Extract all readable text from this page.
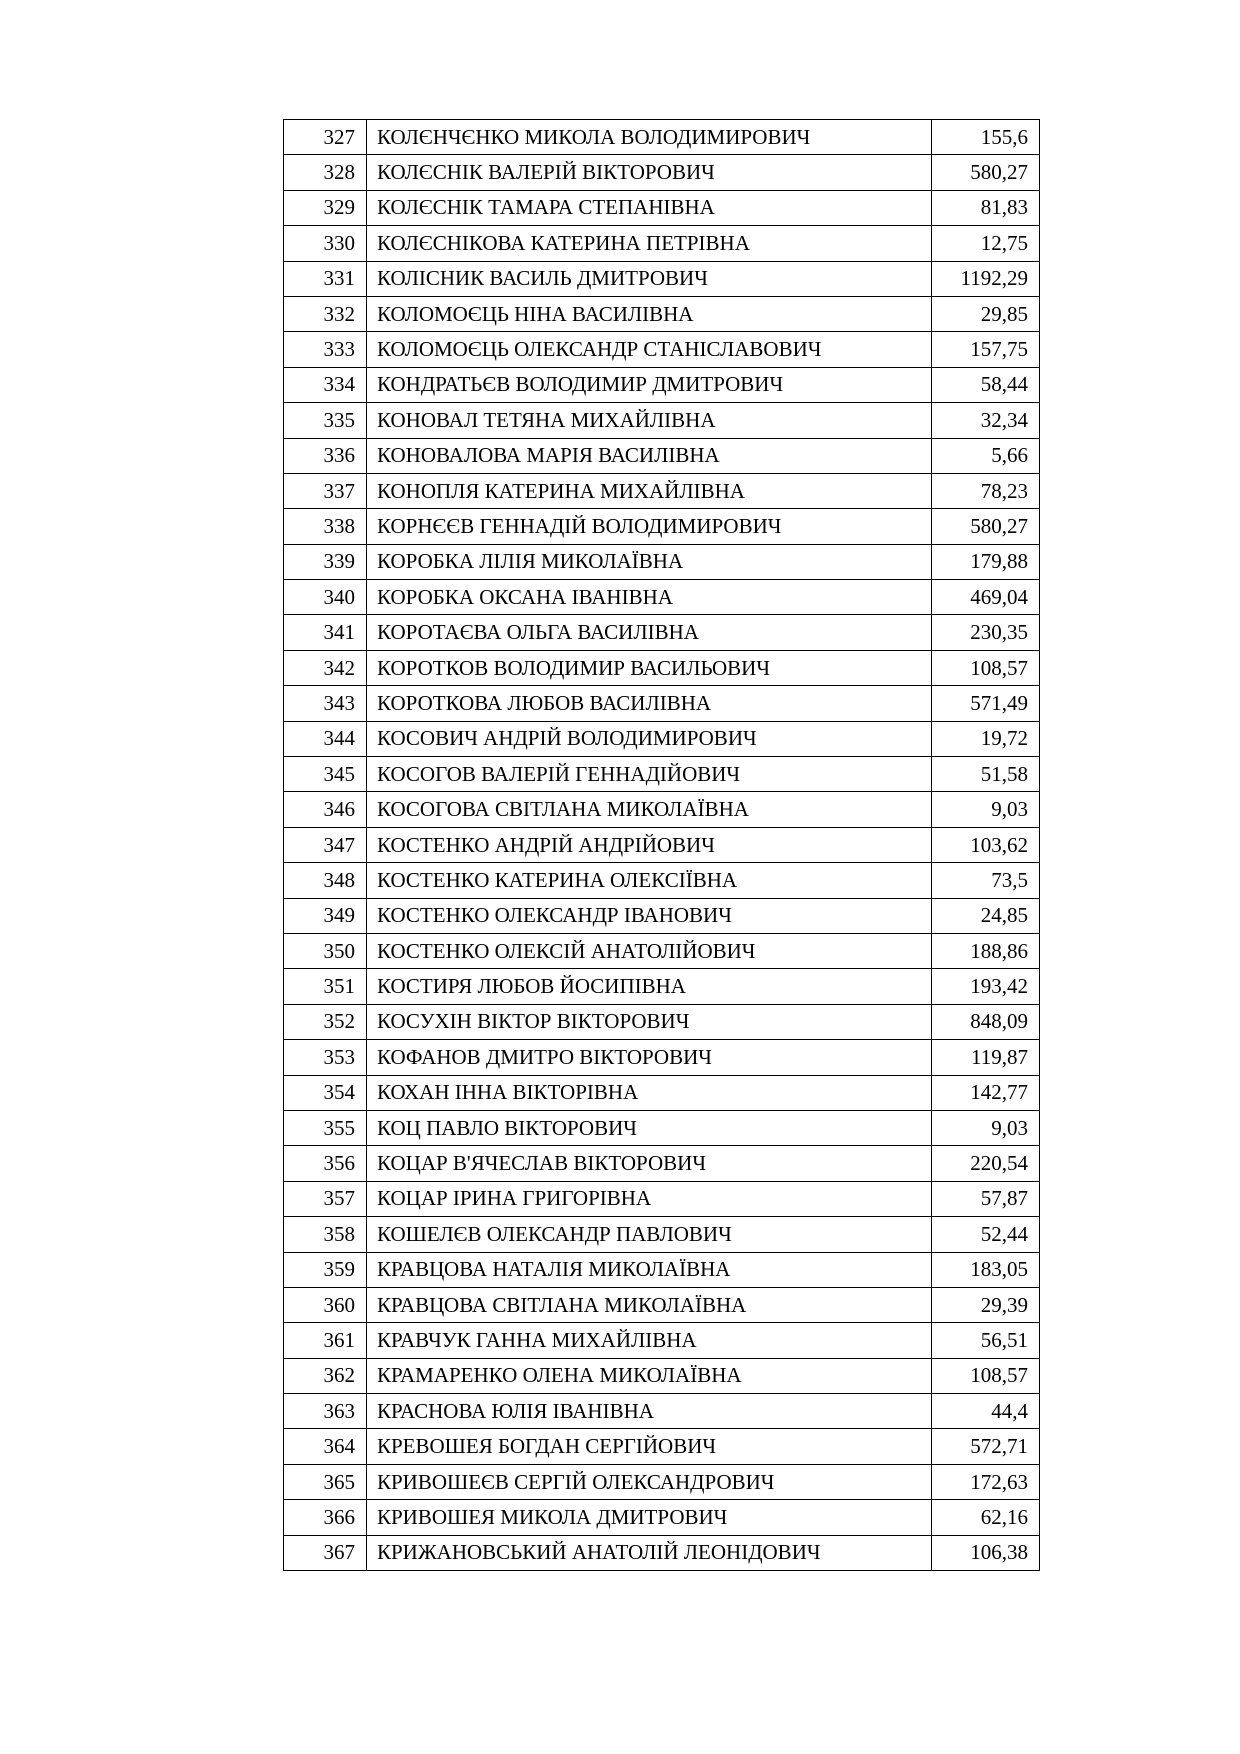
327	КОЛЄНЧЄНКО МИКОЛА ВОЛОДИМИРОВИЧ	155,6
328	КОЛЄСНІК ВАЛЕРІЙ ВІКТОРОВИЧ	580,27
329	КОЛЄСНІК ТАМАРА СТЕПАНІВНА	81,83
330	КОЛЄСНІКОВА КАТЕРИНА ПЕТРІВНА	12,75
331	КОЛІСНИК ВАСИЛЬ ДМИТРОВИЧ	1192,29
332	КОЛОМОЄЦЬ НІНА ВАСИЛІВНА	29,85
333	КОЛОМОЄЦЬ ОЛЕКСАНДР СТАНІСЛАВОВИЧ	157,75
334	КОНДРАТЬЄВ ВОЛОДИМИР ДМИТРОВИЧ	58,44
335	КОНОВАЛ ТЕТЯНА МИХАЙЛІВНА	32,34
336	КОНОВАЛОВА МАРІЯ ВАСИЛІВНА	5,66
337	КОНОПЛЯ КАТЕРИНА МИХАЙЛІВНА	78,23
338	КОРНЄЄВ ГЕННАДІЙ ВОЛОДИМИРОВИЧ	580,27
339	КОРОБКА ЛІЛІЯ МИКОЛАЇВНА	179,88
340	КОРОБКА ОКСАНА ІВАНІВНА	469,04
341	КОРОТАЄВА ОЛЬГА ВАСИЛІВНА	230,35
342	КОРОТКОВ ВОЛОДИМИР ВАСИЛЬОВИЧ	108,57
343	КОРОТКОВА ЛЮБОВ ВАСИЛІВНА	571,49
344	КОСОВИЧ АНДРІЙ ВОЛОДИМИРОВИЧ	19,72
345	КОСОГОВ ВАЛЕРІЙ ГЕННАДІЙОВИЧ	51,58
346	КОСОГОВА СВІТЛАНА МИКОЛАЇВНА	9,03
347	КОСТЕНКО АНДРІЙ АНДРІЙОВИЧ	103,62
348	КОСТЕНКО КАТЕРИНА ОЛЕКСІЇВНА	73,5
349	КОСТЕНКО ОЛЕКСАНДР ІВАНОВИЧ	24,85
350	КОСТЕНКО ОЛЕКСІЙ АНАТОЛІЙОВИЧ	188,86
351	КОСТИРЯ ЛЮБОВ ЙОСИПІВНА	193,42
352	КОСУХІН ВІКТОР ВІКТОРОВИЧ	848,09
353	КОФАНОВ ДМИТРО ВІКТОРОВИЧ	119,87
354	КОХАН ІННА ВІКТОРІВНА	142,77
355	КОЦ ПАВЛО ВІКТОРОВИЧ	9,03
356	КОЦАР В'ЯЧЕСЛАВ ВІКТОРОВИЧ	220,54
357	КОЦАР ІРИНА ГРИГОРІВНА	57,87
358	КОШЕЛЄВ ОЛЕКСАНДР ПАВЛОВИЧ	52,44
359	КРАВЦОВА НАТАЛІЯ МИКОЛАЇВНА	183,05
360	КРАВЦОВА СВІТЛАНА МИКОЛАЇВНА	29,39
361	КРАВЧУК ГАННА МИХАЙЛІВНА	56,51
362	КРАМАРЕНКО ОЛЕНА МИКОЛАЇВНА	108,57
363	КРАСНОВА ЮЛІЯ ІВАНІВНА	44,4
364	КРЕВОШЕЯ БОГДАН СЕРГІЙОВИЧ	572,71
365	КРИВОШЕЄВ СЕРГІЙ ОЛЕКСАНДРОВИЧ	172,63
366	КРИВОШЕЯ МИКОЛА ДМИТРОВИЧ	62,16
367	КРИЖАНОВСЬКИЙ АНАТОЛІЙ ЛЕОНІДОВИЧ	106,38
